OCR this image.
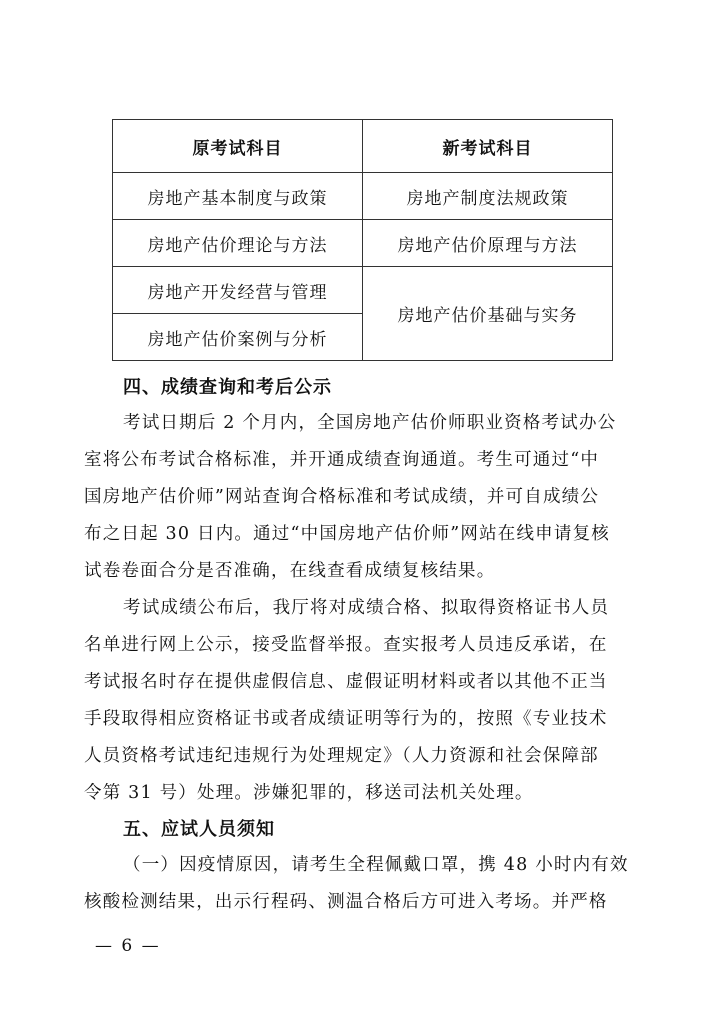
原考试科目	新考试科目
房地产基本制度与政策	房地产制度法规政策
房地产估价理论与方法	房地产估价原理与方法
房地产开发经营与管理	房地产估价基础与实务
房地产估价案例与分析	
四、成绩查询和考后公示

考试日期后 2 个月内，全国房地产估价师职业资格考试办公

室将公布考试合格标准，并开通成绩查询通道。考生可通过“中

国房地产估价师”网站查询合格标准和考试成绩，并可自成绩公

布之日起 30 日内。通过“中国房地产估价师”网站在线申请复核

试卷卷面合分是否准确，在线查看成绩复核结果。

考试成绩公布后，我厅将对成绩合格、拟取得资格证书人员

名单进行网上公示，接受监督举报。查实报考人员违反承诺，在

考试报名时存在提供虚假信息、虚假证明材料或者以其他不正当

手段取得相应资格证书或者成绩证明等行为的，按照《专业技术

人员资格考试违纪违规行为处理规定》（人力资源和社会保障部

令第 31 号）处理。涉嫌犯罪的，移送司法机关处理。

五、应试人员须知

（一）因疫情原因，请考生全程佩戴口罩，携 48 小时内有效

核酸检测结果，出示行程码、测温合格后方可进入考场。并严格

— 6 —
